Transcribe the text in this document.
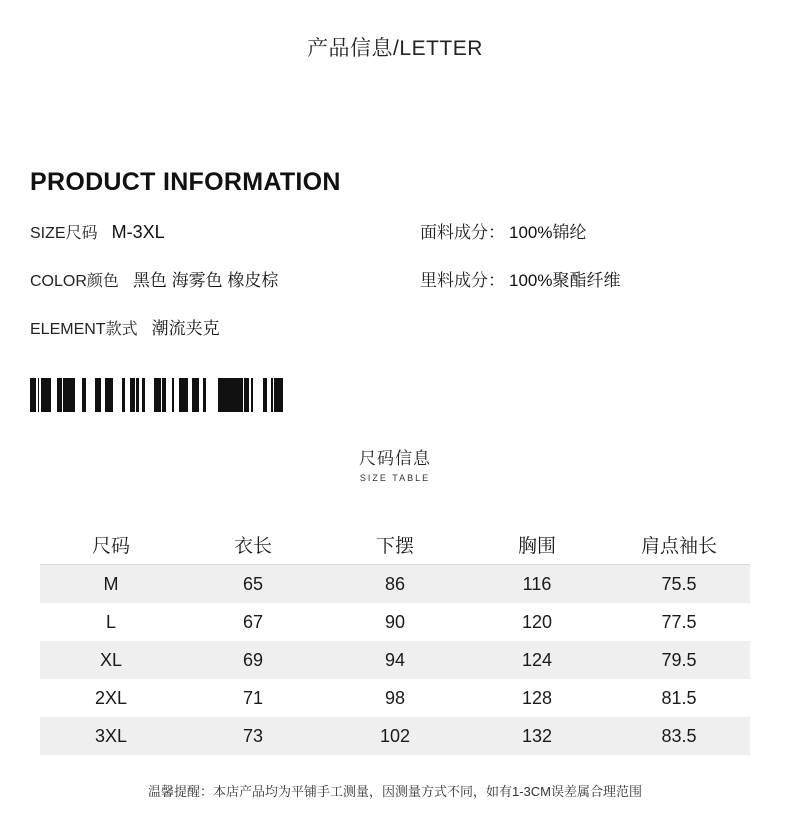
产品信息/LETTER
PRODUCT INFORMATION
SIZE尺码 M-3XL	面料成分： 100%锦纶
COLOR颜色 黑色 海雾色 橡皮棕	里料成分： 100%聚酯纤维
ELEMENT款式 潮流夹克
尺码信息
SIZE TABLE
尺码	衣长	下摆	胸围	肩点袖长
M	65	86	116	75.5
L	67	90	120	77.5
XL	69	94	124	79.5
2XL	71	98	128	81.5
3XL	73	102	132	83.5
温馨提醒：本店产品均为平铺手工测量，因测量方式不同，如有1-3CM误差属合理范围
